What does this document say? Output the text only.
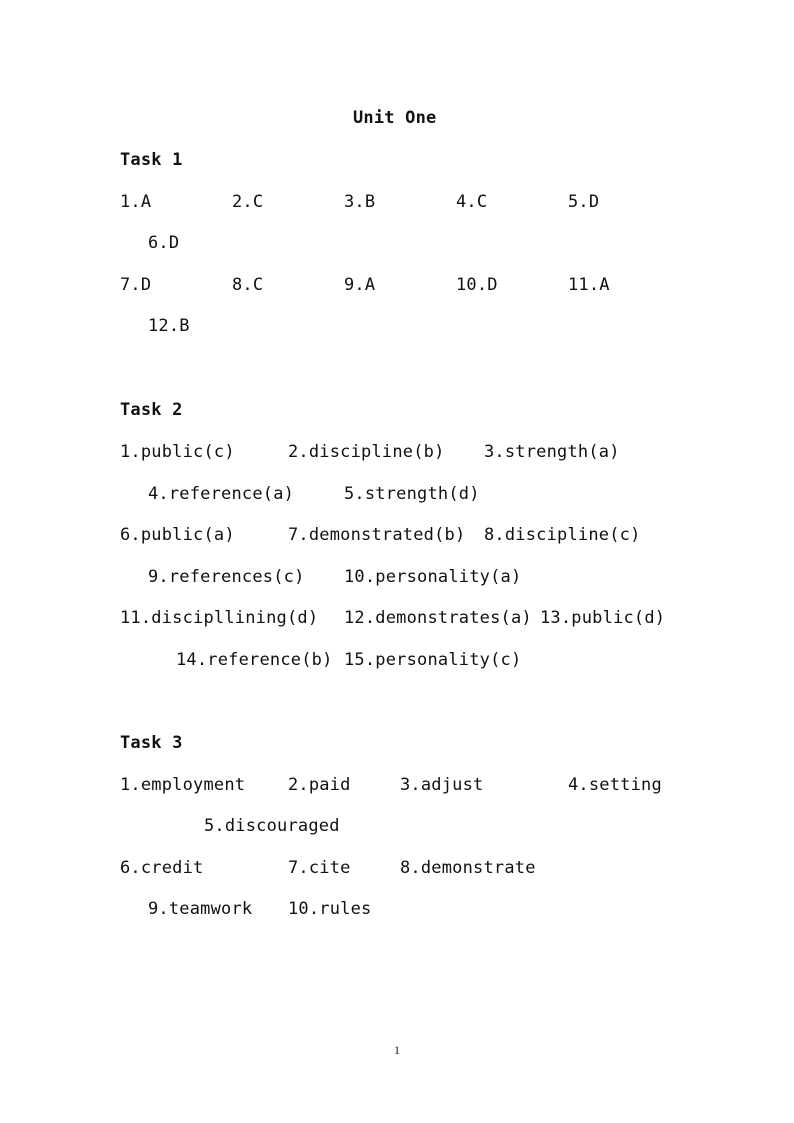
Unit One
Task 1
1.A	2.C	3.B	4.C	5.D
6.D
7.D	8.C	9.A	10.D	11.A
12.B
Task 2
1.public(c)	2.discipline(b) 3.strength(a)
4.reference(a)	5.strength(d)
6.public(a)	7.demonstrated(b) 8.discipline(c)
9.references(c) 10.personality(a)
11.discipllining(d) 12.demonstrates(a) 13.public(d)
14.reference(b) 15.personality(c)
Task 3
1.employment	2.paid	3.adjust	4.setting
5.discouraged
6.credit	7.cite	8.demonstrate
9.teamwork 10.rules
1
